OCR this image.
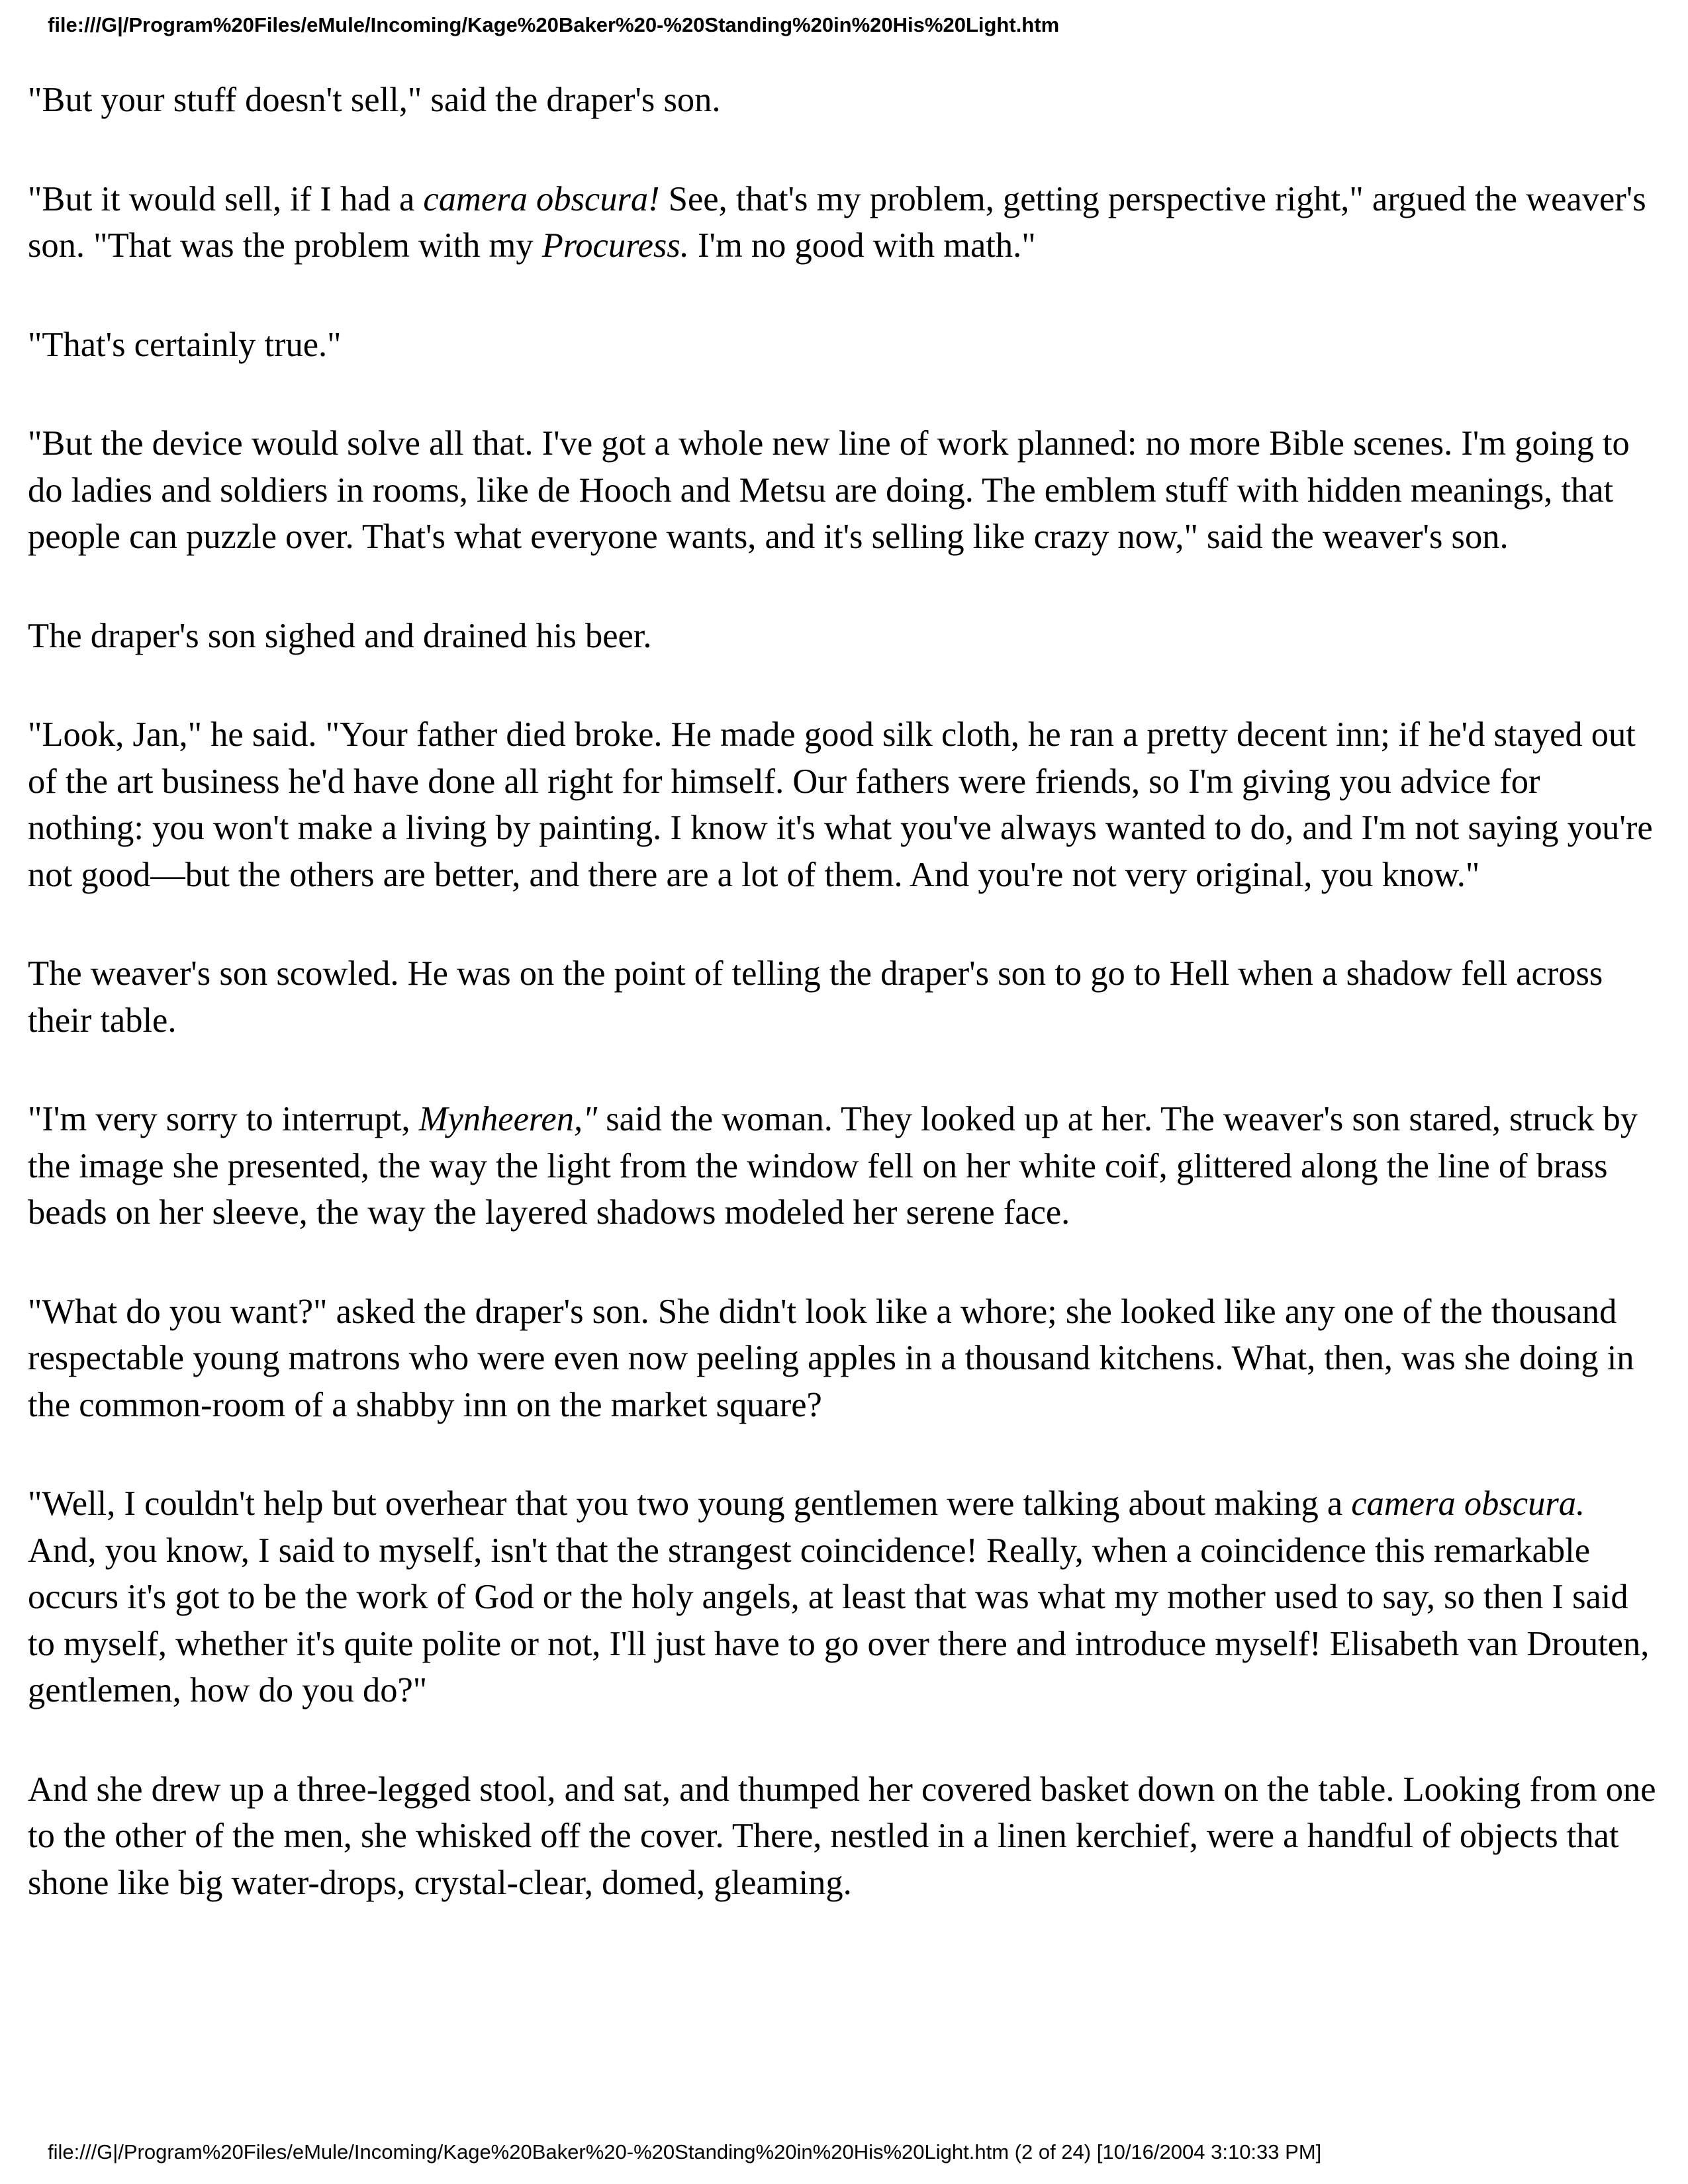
file:///G|/Program%20Files/eMule/Incoming/Kage%20Baker%20-%20Standing%20in%20His%20Light.htm

"But your stuff doesn't sell," said the draper's son.

"But it would sell, if I had a camera obscura! See, that's my problem, getting perspective right," argued the weaver's son. "That was the problem with my Procuress. I'm no good with math."

"That's certainly true."

"But the device would solve all that. I've got a whole new line of work planned: no more Bible scenes. I'm going to do ladies and soldiers in rooms, like de Hooch and Metsu are doing. The emblem stuff with hidden meanings, that people can puzzle over. That's what everyone wants, and it's selling like crazy now," said the weaver's son.

The draper's son sighed and drained his beer.

"Look, Jan," he said. "Your father died broke. He made good silk cloth, he ran a pretty decent inn; if he'd stayed out of the art business he'd have done all right for himself. Our fathers were friends, so I'm giving you advice for nothing: you won't make a living by painting. I know it's what you've always wanted to do, and I'm not saying you're not good—but the others are better, and there are a lot of them. And you're not very original, you know."

The weaver's son scowled. He was on the point of telling the draper's son to go to Hell when a shadow fell across their table.

"I'm very sorry to interrupt, Mynheeren," said the woman. They looked up at her. The weaver's son stared, struck by the image she presented, the way the light from the window fell on her white coif, glittered along the line of brass beads on her sleeve, the way the layered shadows modeled her serene face.

"What do you want?" asked the draper's son. She didn't look like a whore; she looked like any one of the thousand respectable young matrons who were even now peeling apples in a thousand kitchens. What, then, was she doing in the common-room of a shabby inn on the market square?

"Well, I couldn't help but overhear that you two young gentlemen were talking about making a camera obscura. And, you know, I said to myself, isn't that the strangest coincidence! Really, when a coincidence this remarkable occurs it's got to be the work of God or the holy angels, at least that was what my mother used to say, so then I said to myself, whether it's quite polite or not, I'll just have to go over there and introduce myself! Elisabeth van Drouten, gentlemen, how do you do?"

And she drew up a three-legged stool, and sat, and thumped her covered basket down on the table. Looking from one to the other of the men, she whisked off the cover. There, nestled in a linen kerchief, were a handful of objects that shone like big water-drops, crystal-clear, domed, gleaming.

file:///G|/Program%20Files/eMule/Incoming/Kage%20Baker%20-%20Standing%20in%20His%20Light.htm (2 of 24) [10/16/2004 3:10:33 PM]
